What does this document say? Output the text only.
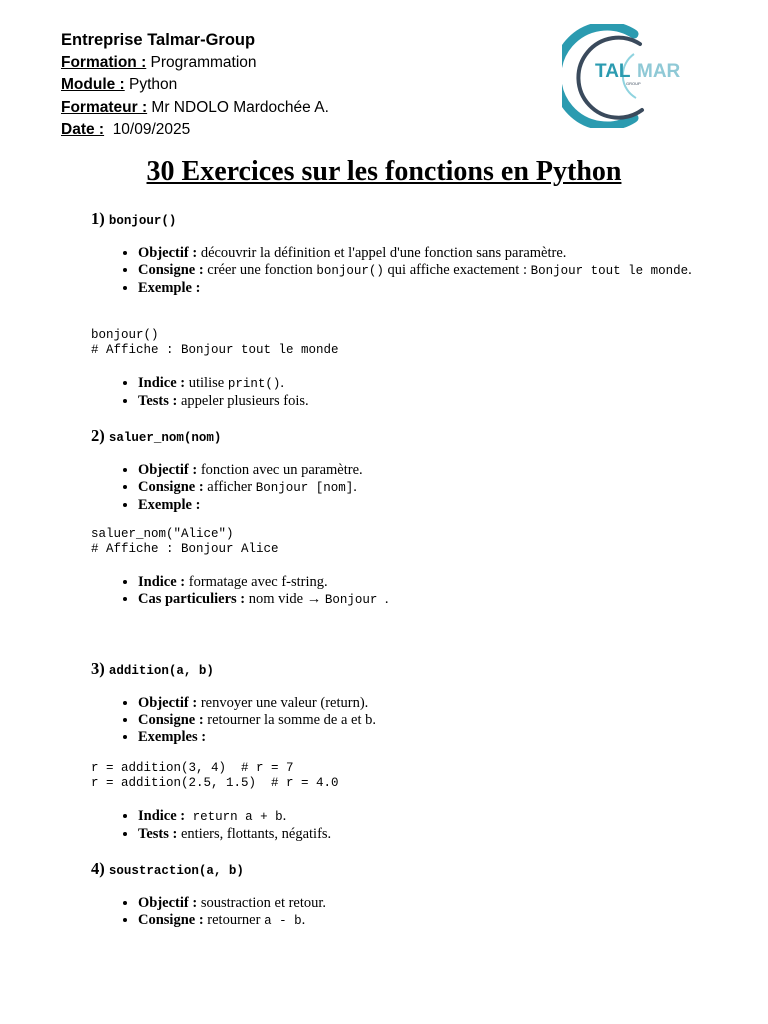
Entreprise Talmar-Group
Formation : Programmation
Module : Python
Formateur : Mr NDOLO Mardochée A.
Date :  10/09/2025
TAL MAR
GROUP
30 Exercices sur les fonctions en Python

1) bonjour()

• Objectif : découvrir la définition et l'appel d'une fonction sans paramètre.
• Consigne : créer une fonction bonjour() qui affiche exactement : Bonjour tout le monde.
• Exemple :
bonjour()
# Affiche : Bonjour tout le monde
• Indice : utilise print().
• Tests : appeler plusieurs fois.

2) saluer_nom(nom)

• Objectif : fonction avec un paramètre.
• Consigne : afficher Bonjour [nom].
• Exemple :
saluer_nom("Alice")
# Affiche : Bonjour Alice
• Indice : formatage avec f-string.
• Cas particuliers : nom vide → Bonjour .

3) addition(a, b)

• Objectif : renvoyer une valeur (return).
• Consigne : retourner la somme de a et b.
• Exemples :
r = addition(3, 4)  # r = 7
r = addition(2.5, 1.5)  # r = 4.0
• Indice : return a + b.
• Tests : entiers, flottants, négatifs.

4) soustraction(a, b)

• Objectif : soustraction et retour.
• Consigne : retourner a - b.
